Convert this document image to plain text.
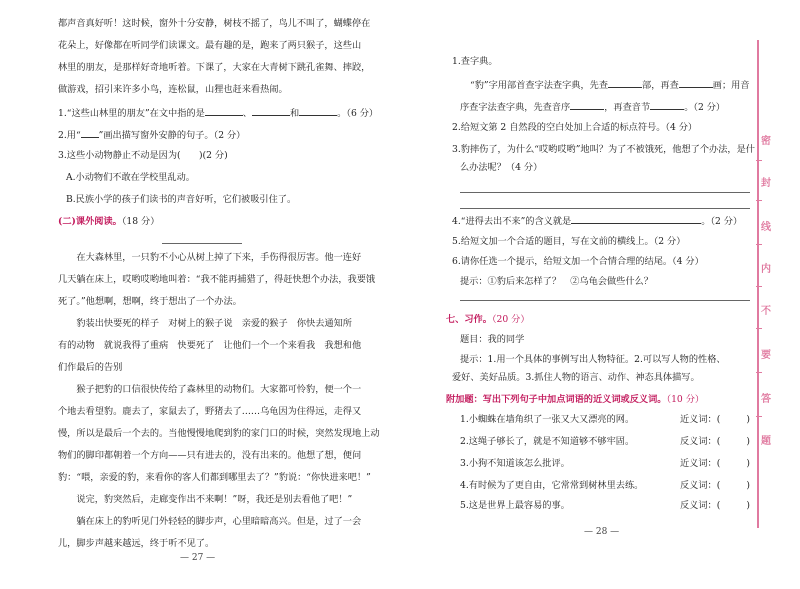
都声音真好听！这时候，窗外十分安静，树枝不摇了，鸟儿不叫了，蝴蝶停在
花朵上，好像都在听同学们读课文。最有趣的是，跑来了两只猴子，这些山
林里的朋友，是那样好奇地听着。下课了，大家在大青树下跳孔雀舞、摔跤，
做游戏，招引来许多小鸟，连松鼠，山狸也赶来看热闹。
1.“这些山林里的朋友”在文中指的是	、	和	。（6 分）
2.用“ ”画出描写窗外安静的句子。（2 分）
3.这些小动物静止不动是因为(　　)(2 分)
A.小动物们不敢在学校里乱动。
B.民族小学的孩子们读书的声音好听，它们被吸引住了。
(二)课外阅读。（18 分）
　　在大森林里，一只豹不小心从树上掉了下来，手伤得很厉害。他一连好
几天躺在床上，哎哟哎哟地叫着：“我不能再捕猎了，得赶快想个办法，我要饿
死了。”他想啊，想啊，终于想出了一个办法。
　　豹装出快要死的样子　对树上的猴子说　亲爱的猴子　你快去通知所
有的动物　就说我得了重病　快要死了　让他们一个一个来看我　我想和他
们作最后的告别
　　猴子把豹的口信很快传给了森林里的动物们。大家都可怜豹，便一个一
个地去看望豹。鹿去了，家鼠去了，野猪去了……乌龟因为住得远，走得又
慢，所以是最后一个去的。当他慢慢地爬到豹的家门口的时候，突然发现地上动
物们的脚印都朝着一个方向——只有进去的，没有出来的。他想了想，便问
豹：“喂，亲爱的豹，来看你的客人们都到哪里去了？”豹说：“你快进来吧！”
　　说完，豹突然后，走廊变作出不来啊！”呀，我还是别去看他了吧！”
　　躺在床上的豹听见门外轻轻的脚步声，心里暗暗高兴。但是，过了一会
儿，脚步声越来越远，终于听不见了。
— 27 —
1.查字典。
“豹”字用部首查字法查字典，先查	部，再查	画；用音
序查字法查字典，先查音序	，再查音节	。（2 分）
2.给短文第 2 自然段的空白处加上合适的标点符号。（4 分）
3.豹摔伤了，为什么“哎哟哎哟”地叫？为了不被饿死，他想了个办法，是什
么办法呢？（4 分）
4.“进得去出不来”的含义就是	。（2 分）
5.给短文加一个合适的题目，写在文前的横线上。（2 分）
6.请你任选一个提示，给短文加一个合情合理的结尾。（4 分）
提示：①豹后来怎样了？　②乌龟会做些什么？
七、习作。（20 分）
题目：我的同学
提示：1.用一个具体的事例写出人物特征。2.可以写人物的性格、
爱好、美好品质。3.抓住人物的语言、动作、神态具体描写。
附加题：写出下列句子中加点词语的近义词或反义词。（10 分）
1.小蜘蛛在墙角织了一张又大又漂亮的网。	近义词：(	)
2.这绳子够长了，就是不知道够不够牢固。	反义词：(	)
3.小狗不知道该怎么批评。	近义词：(	)
4.有时候为了更自由，它常常到树林里去练。	反义词：(	)
5.这是世界上最容易的事。	反义词：(	)
— 28 —
密
封
线
内
不
要
答
题
